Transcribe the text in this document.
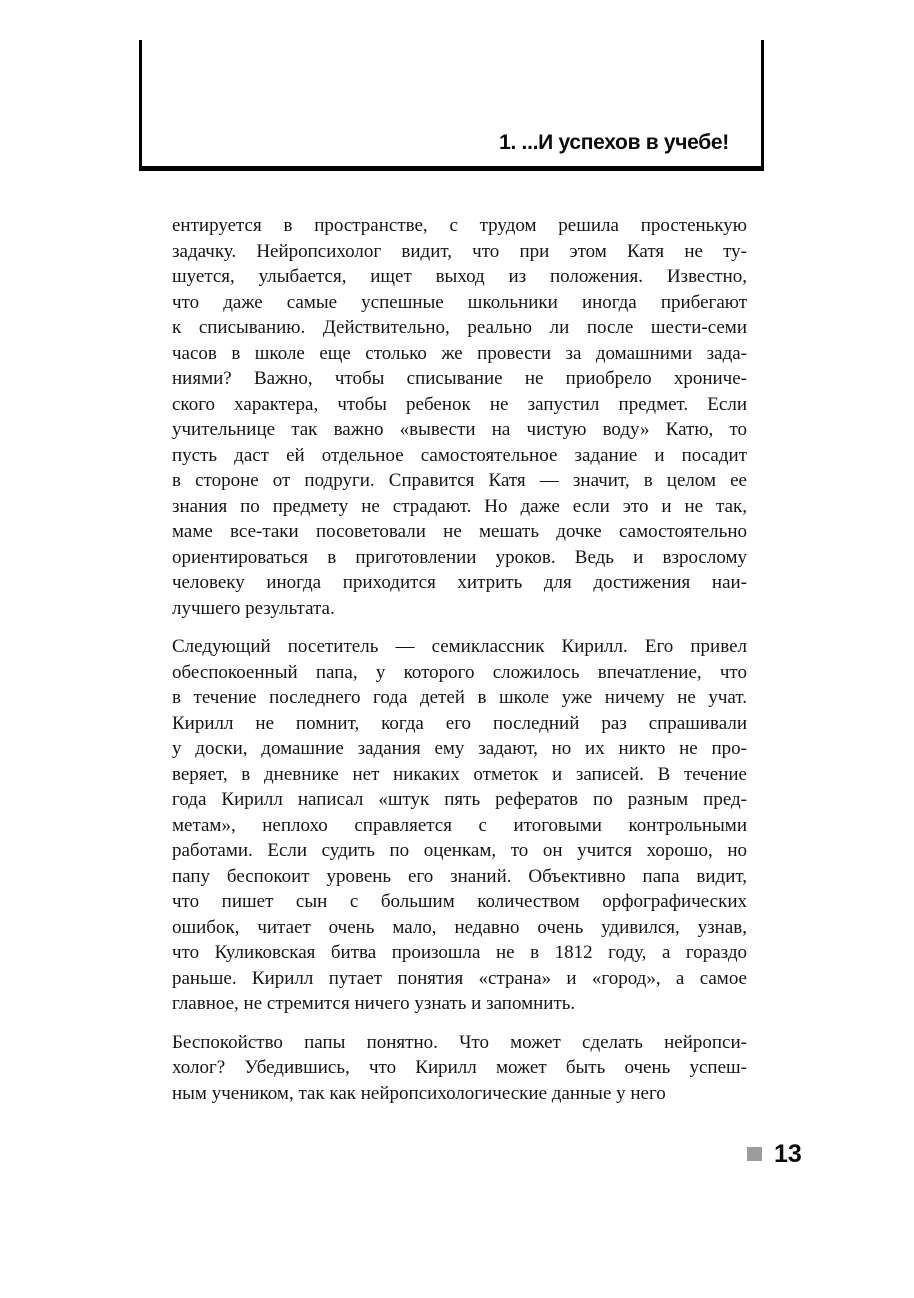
1. ...И успехов в учебе!
ентируется в пространстве, с трудом решила простенькую
задачку. Нейропсихолог видит, что при этом Катя не ту-
шуется, улыбается, ищет выход из положения. Известно,
что даже самые успешные школьники иногда прибегают
к списыванию. Действительно, реально ли после шести-семи
часов в школе еще столько же провести за домашними зада-
ниями? Важно, чтобы списывание не приобрело хрониче-
ского характера, чтобы ребенок не запустил предмет. Если
учительнице так важно «вывести на чистую воду» Катю, то
пусть даст ей отдельное самостоятельное задание и посадит
в стороне от подруги. Справится Катя — значит, в целом ее
знания по предмету не страдают. Но даже если это и не так,
маме все-таки посоветовали не мешать дочке самостоятельно
ориентироваться в приготовлении уроков. Ведь и взрослому
человеку иногда приходится хитрить для достижения наи-
лучшего результата.
Следующий посетитель — семиклассник Кирилл. Его привел
обеспокоенный папа, у которого сложилось впечатление, что
в течение последнего года детей в школе уже ничему не учат.
Кирилл не помнит, когда его последний раз спрашивали
у доски, домашние задания ему задают, но их никто не про-
веряет, в дневнике нет никаких отметок и записей. В течение
года Кирилл написал «штук пять рефератов по разным пред-
метам», неплохо справляется с итоговыми контрольными
работами. Если судить по оценкам, то он учится хорошо, но
папу беспокоит уровень его знаний. Объективно папа видит,
что пишет сын с большим количеством орфографических
ошибок, читает очень мало, недавно очень удивился, узнав,
что Куликовская битва произошла не в 1812 году, а гораздо
раньше. Кирилл путает понятия «страна» и «город», а самое
главное, не стремится ничего узнать и запомнить.
Беспокойство папы понятно. Что может сделать нейропси-
холог? Убедившись, что Кирилл может быть очень успеш-
ным учеником, так как нейропсихологические данные у него
13
